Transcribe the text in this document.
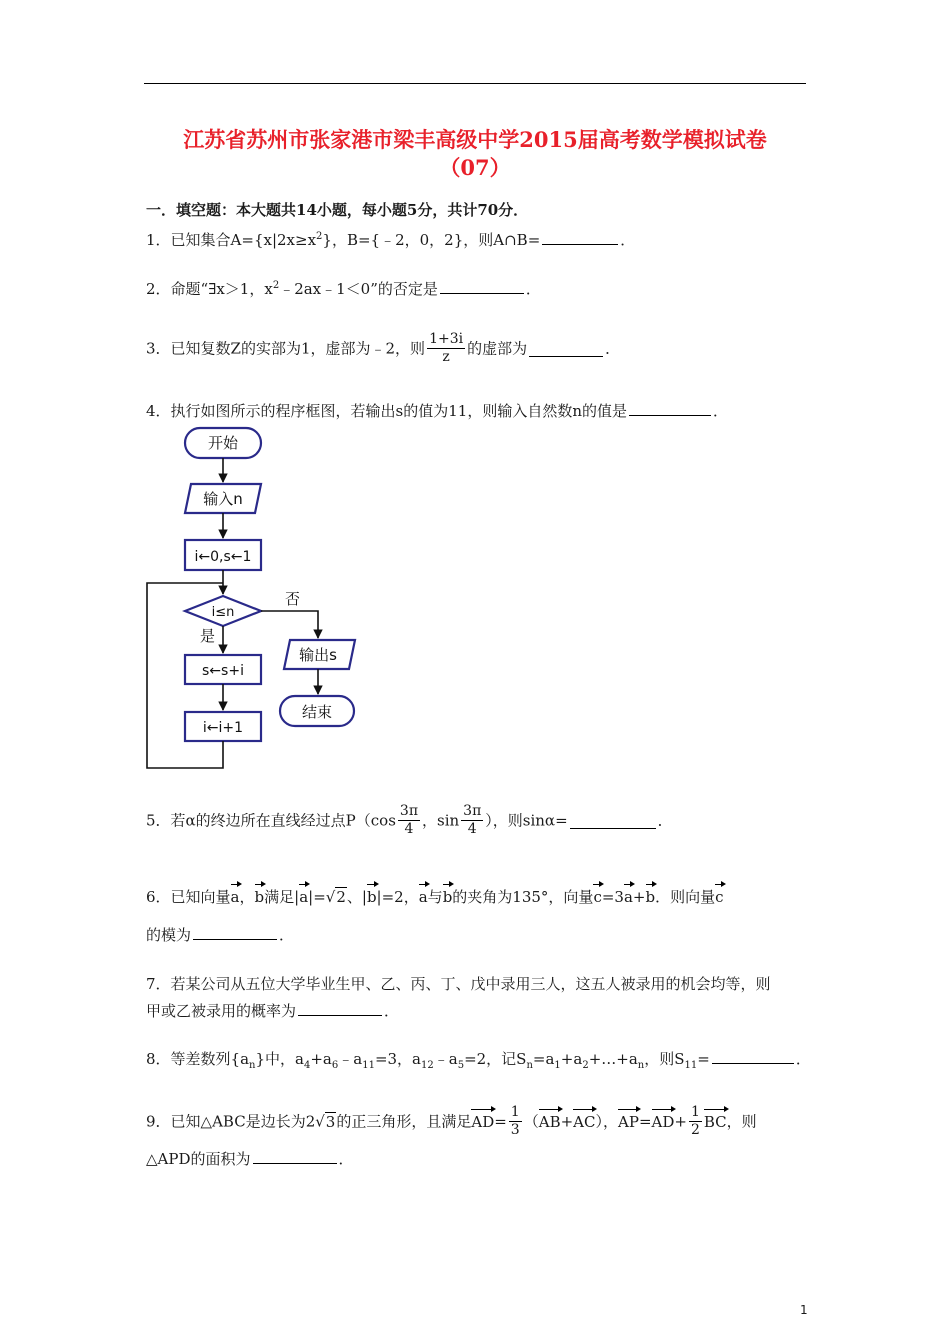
江苏省苏州市张家港市梁丰高级中学2015届高考数学模拟试卷
（07）
一．填空题：本大题共14小题，每小题5分，共计70分．
1．已知集合$A=\{x|2x\ge x^2\}$，B={﹣2，0，2}，则A∩B=	．
2．命题“∃x＞1，$x^2﹣2ax﹣1<0$”的否定是	．
3．已知复数Z的实部为1，虚部为﹣2，则 $\frac{1+3i}{z}$ 的虚部为	．
4．执行如图所示的程序框图，若输出s的值为11，则输入自然数n的值是	．
开始
输入n
i←0,s←1
i≤n
否
是
s←s+i
i←i+1
输出s
结束
5．若α的终边所在直线经过点$P(\cos \frac{3\pi}{4}$ ，$\sin \frac{3\pi}{4}$ ），则sinα=	．
6．已知向量a，b满足|a|=√2、|b|=2，a与b的夹角为135°，向量c=3a+b．则向量c
的模为	．
7．若某公司从五位大学毕业生甲、乙、丙、丁、戊中录用三人，这五人被录用的机会均等，则
甲或乙被录用的概率为	．
8．等差数列$\{a_n\}$中，$a_4+a_6﹣a_{11}=3$，$a_{12}﹣a_5=2$，记$S_n=a_1+a_2+\dots+a_n$，则$S_{11}=$	．
9．已知△ABC是边长为2√3的正三角形，且满足$AD= \frac{1}{3} (AB+AC)$，$AP=AD+ \frac{1}{2}$ BC，则
△APD的面积为	．
1
